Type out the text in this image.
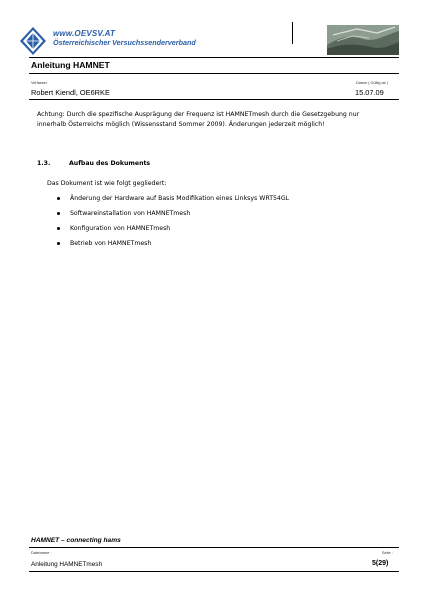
www.OEVSV.AT
Österreichischer Versuchssenderverband
Anleitung HAMNET
Verfasser	Datum ( Gültig ab )
Robert Kiendl, OE6RKE	15.07.09
Achtung: Durch die spezifische Ausprägung der Frequenz ist HAMNETmesh durch die Gesetzgebung nur innerhalb Österreichs möglich (Wissensstand Sommer 2009). Änderungen jederzeit möglich!
1.3.	Aufbau des Dokuments
Das Dokument ist wie folgt gegliedert:
Änderung der Hardware auf Basis Modifikation eines Linksys WRT54GL
Softwareinstallation von HAMNETmesh
Konfiguration von HAMNETmesh
Betrieb von HAMNETmesh
HAMNET – connecting hams
Dateiname :	Seite :
Anleitung HAMNETmesh	5(29)
